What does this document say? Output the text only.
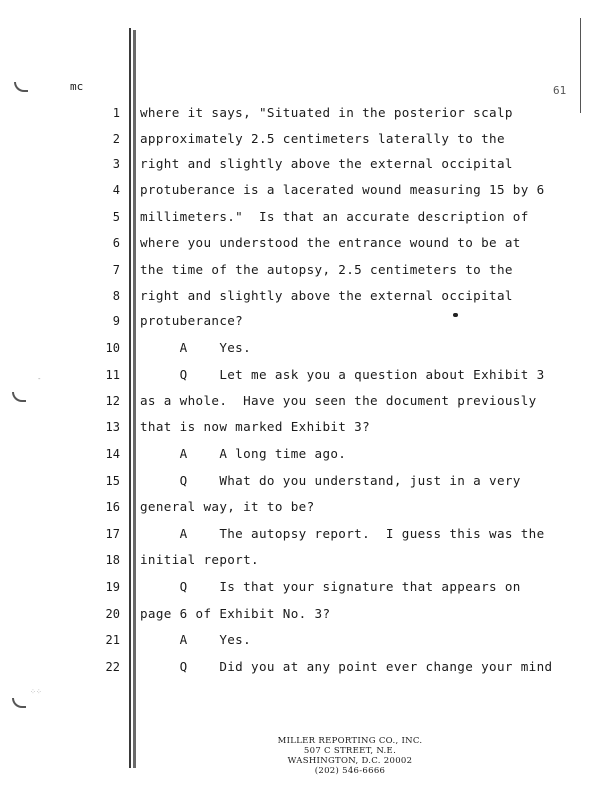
⁘⁘
-
mc	61
1 where it says, "Situated in the posterior scalp
2 approximately 2.5 centimeters laterally to the
3 right and slightly above the external occipital
4 protuberance is a lacerated wound measuring 15 by 6
5 millimeters."  Is that an accurate description of
6 where you understood the entrance wound to be at
7 the time of the autopsy, 2.5 centimeters to the
8 right and slightly above the external occipital
9 protuberance?
10 A    Yes.
11 Q    Let me ask you a question about Exhibit 3
12 as a whole.  Have you seen the document previously
13 that is now marked Exhibit 3?
14 A    A long time ago.
15 Q    What do you understand, just in a very
16 general way, it to be?
17 A    The autopsy report.  I guess this was the
18 initial report.
19 Q    Is that your signature that appears on
20 page 6 of Exhibit No. 3?
21 A    Yes.
22 Q    Did you at any point ever change your mind
MILLER REPORTING CO., INC.
507 C STREET, N.E.
WASHINGTON, D.C. 20002
(202) 546-6666
